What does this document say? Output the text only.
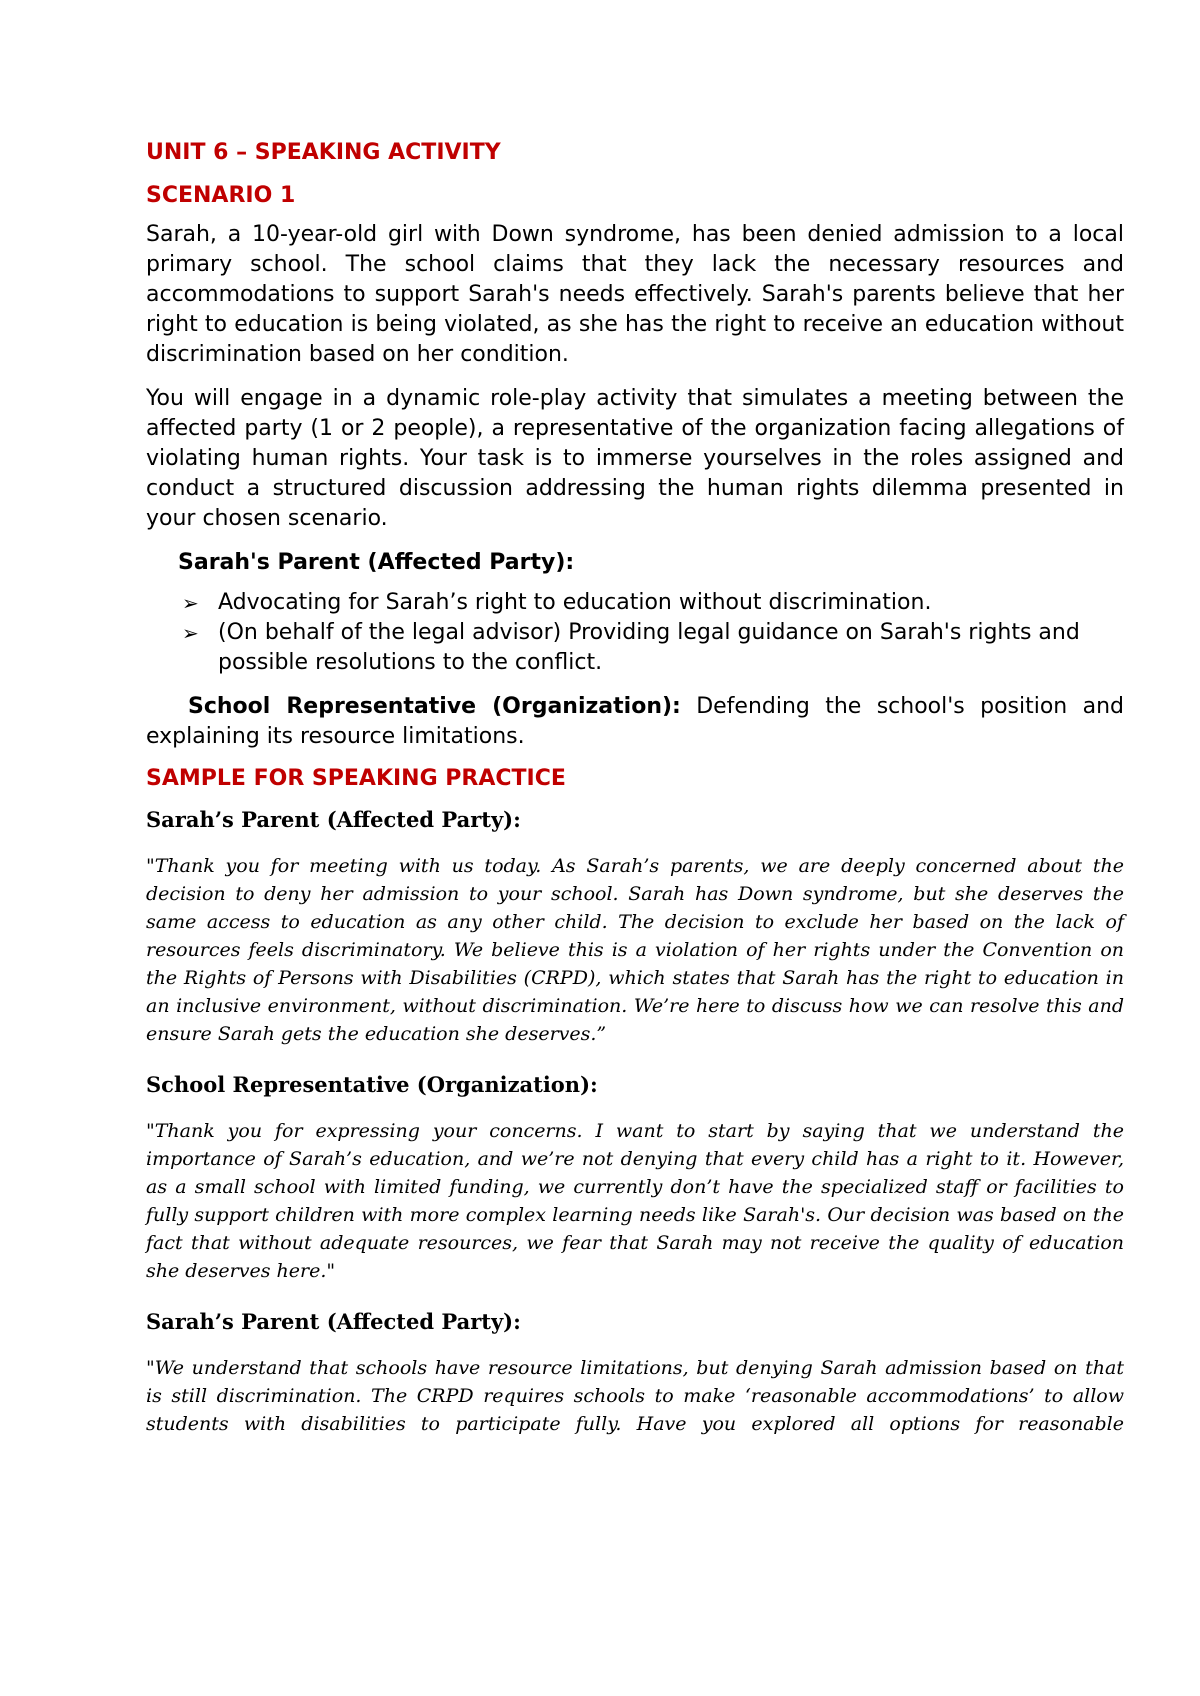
UNIT 6 – SPEAKING ACTIVITY
SCENARIO 1

Sarah, a 10-year-old girl with Down syndrome, has been denied admission to a local primary school. The school claims that they lack the necessary resources and accommodations to support Sarah's needs effectively. Sarah's parents believe that her right to education is being violated, as she has the right to receive an education without discrimination based on her condition.

You will engage in a dynamic role-play activity that simulates a meeting between the affected party (1 or 2 people), a representative of the organization facing allegations of violating human rights. Your task is to immerse yourselves in the roles assigned and conduct a structured discussion addressing the human rights dilemma presented in your chosen scenario.

Sarah's Parent (Affected Party):

➢ Advocating for Sarah’s right to education without discrimination.
➢ (On behalf of the legal advisor) Providing legal guidance on Sarah's rights and possible resolutions to the conflict.

School Representative (Organization): Defending the school's position and explaining its resource limitations.

SAMPLE FOR SPEAKING PRACTICE

Sarah’s Parent (Affected Party):

"Thank you for meeting with us today. As Sarah’s parents, we are deeply concerned about the decision to deny her admission to your school. Sarah has Down syndrome, but she deserves the same access to education as any other child. The decision to exclude her based on the lack of resources feels discriminatory. We believe this is a violation of her rights under the Convention on the Rights of Persons with Disabilities (CRPD), which states that Sarah has the right to education in an inclusive environment, without discrimination. We’re here to discuss how we can resolve this and ensure Sarah gets the education she deserves.”

School Representative (Organization):

"Thank you for expressing your concerns. I want to start by saying that we understand the importance of Sarah’s education, and we’re not denying that every child has a right to it. However, as a small school with limited funding, we currently don’t have the specialized staff or facilities to fully support children with more complex learning needs like Sarah's. Our decision was based on the fact that without adequate resources, we fear that Sarah may not receive the quality of education she deserves here."

Sarah’s Parent (Affected Party):

"We understand that schools have resource limitations, but denying Sarah admission based on that is still discrimination. The CRPD requires schools to make ‘reasonable accommodations’ to allow students with disabilities to participate fully. Have you explored all options for reasonable
